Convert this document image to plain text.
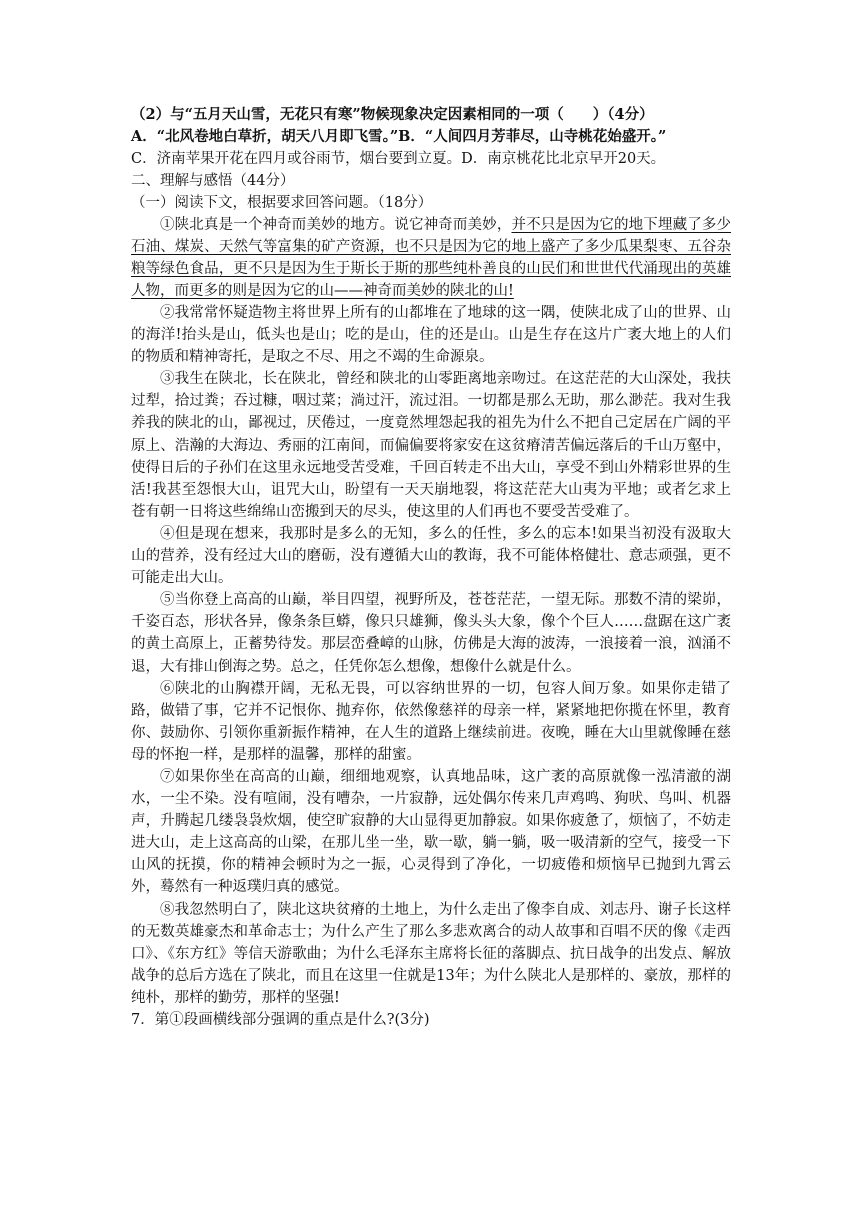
（2）与“五月天山雪，无花只有寒”物候现象决定因素相同的一项（　　）（4分）
A．“北风卷地白草折，胡天八月即飞雪。”B．“人间四月芳菲尽，山寺桃花始盛开。”
C．济南苹果开花在四月或谷雨节，烟台要到立夏。D．南京桃花比北京早开20天。
二、理解与感悟（44分）
（一）阅读下文，根据要求回答问题。（18分）

①陕北真是一个神奇而美妙的地方。说它神奇而美妙，并不只是因为它的地下埋藏了多少石油、煤炭、天然气等富集的矿产资源，也不只是因为它的地上盛产了多少瓜果梨枣、五谷杂粮等绿色食品，更不只是因为生于斯长于斯的那些纯朴善良的山民们和世世代代涌现出的英雄人物，而更多的则是因为它的山——神奇而美妙的陕北的山!

②我常常怀疑造物主将世界上所有的山都堆在了地球的这一隅，使陕北成了山的世界、山的海洋!抬头是山，低头也是山；吃的是山，住的还是山。山是生存在这片广袤大地上的人们的物质和精神寄托，是取之不尽、用之不竭的生命源泉。

③我生在陕北，长在陕北，曾经和陕北的山零距离地亲吻过。在这茫茫的大山深处，我扶过犁，拾过粪；吞过糠，咽过菜；淌过汗，流过泪。一切都是那么无助，那么渺茫。我对生我养我的陕北的山，鄙视过，厌倦过，一度竟然埋怨起我的祖先为什么不把自己定居在广阔的平原上、浩瀚的大海边、秀丽的江南间，而偏偏要将家安在这贫瘠清苦偏远落后的千山万壑中，使得日后的子孙们在这里永远地受苦受难，千回百转走不出大山，享受不到山外精彩世界的生活!我甚至怨恨大山，诅咒大山，盼望有一天天崩地裂，将这茫茫大山夷为平地；或者乞求上苍有朝一日将这些绵绵山峦搬到天的尽头，使这里的人们再也不要受苦受难了。

④但是现在想来，我那时是多么的无知，多么的任性，多么的忘本!如果当初没有汲取大山的营养，没有经过大山的磨砺，没有遵循大山的教诲，我不可能体格健壮、意志顽强，更不可能走出大山。

⑤当你登上高高的山巅，举目四望，视野所及，苍苍茫茫，一望无际。那数不清的梁峁，千姿百态，形状各异，像条条巨蟒，像只只雄狮，像头头大象，像个个巨人……盘踞在这广袤的黄土高原上，正蓄势待发。那层峦叠嶂的山脉，仿佛是大海的波涛，一浪接着一浪，汹涌不退，大有排山倒海之势。总之，任凭你怎么想像，想像什么就是什么。

⑥陕北的山胸襟开阔，无私无畏，可以容纳世界的一切，包容人间万象。如果你走错了路，做错了事，它并不记恨你、抛弃你，依然像慈祥的母亲一样，紧紧地把你揽在怀里，教育你、鼓励你、引领你重新振作精神，在人生的道路上继续前进。夜晚，睡在大山里就像睡在慈母的怀抱一样，是那样的温馨，那样的甜蜜。

⑦如果你坐在高高的山巅，细细地观察，认真地品味，这广袤的高原就像一泓清澈的湖水，一尘不染。没有喧闹，没有嘈杂，一片寂静，远处偶尔传来几声鸡鸣、狗吠、鸟叫、机器声，升腾起几缕袅袅炊烟，使空旷寂静的大山显得更加静寂。如果你疲惫了，烦恼了，不妨走进大山，走上这高高的山梁，在那儿坐一坐，歇一歇，躺一躺，吸一吸清新的空气，接受一下山风的抚摸，你的精神会顿时为之一振，心灵得到了净化，一切疲倦和烦恼早已抛到九霄云外，蓦然有一种返璞归真的感觉。

⑧我忽然明白了，陕北这块贫瘠的土地上，为什么走出了像李自成、刘志丹、谢子长这样的无数英雄豪杰和革命志士；为什么产生了那么多悲欢离合的动人故事和百唱不厌的像《走西口》、《东方红》等信天游歌曲；为什么毛泽东主席将长征的落脚点、抗日战争的出发点、解放战争的总后方选在了陕北，而且在这里一住就是13年；为什么陕北人是那样的、豪放，那样的纯朴，那样的勤劳，那样的坚强!

7．第①段画横线部分强调的重点是什么?(3分)
